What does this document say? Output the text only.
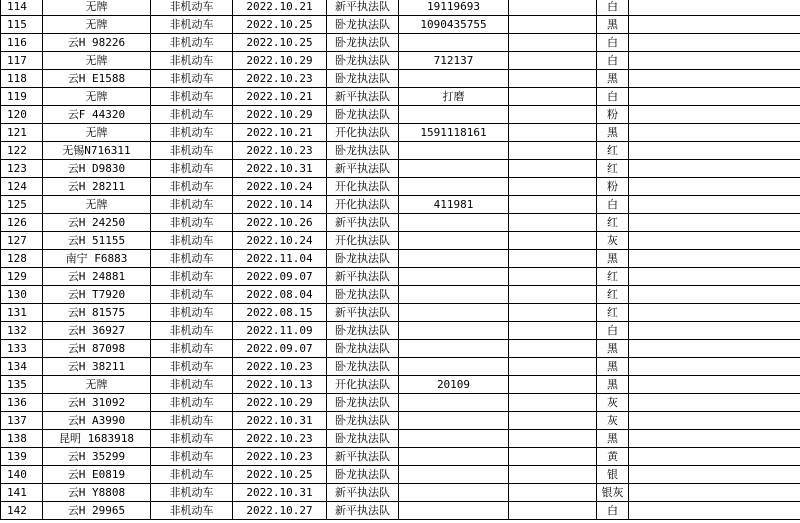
114	无牌	非机动车	2022.10.21	新平执法队	19119693		白	
115	无牌	非机动车	2022.10.25	卧龙执法队	1090435755		黑	
116	云H 98226	非机动车	2022.10.25	卧龙执法队			白	
117	无牌	非机动车	2022.10.29	卧龙执法队	712137		白	
118	云H E1588	非机动车	2022.10.23	卧龙执法队			黑	
119	无牌	非机动车	2022.10.21	新平执法队	打磨		白	
120	云F 44320	非机动车	2022.10.29	卧龙执法队			粉	
121	无牌	非机动车	2022.10.21	开化执法队	1591118161		黑	
122	无锡N716311	非机动车	2022.10.23	卧龙执法队			红	
123	云H D9830	非机动车	2022.10.31	新平执法队			红	
124	云H 28211	非机动车	2022.10.24	开化执法队			粉	
125	无牌	非机动车	2022.10.14	开化执法队	411981		白	
126	云H 24250	非机动车	2022.10.26	新平执法队			红	
127	云H 51155	非机动车	2022.10.24	开化执法队			灰	
128	南宁 F6883	非机动车	2022.11.04	卧龙执法队			黑	
129	云H 24881	非机动车	2022.09.07	新平执法队			红	
130	云H T7920	非机动车	2022.08.04	卧龙执法队			红	
131	云H 81575	非机动车	2022.08.15	新平执法队			红	
132	云H 36927	非机动车	2022.11.09	卧龙执法队			白	
133	云H 87098	非机动车	2022.09.07	卧龙执法队			黑	
134	云H 38211	非机动车	2022.10.23	卧龙执法队			黑	
135	无牌	非机动车	2022.10.13	开化执法队	20109		黑	
136	云H 31092	非机动车	2022.10.29	卧龙执法队			灰	
137	云H A3990	非机动车	2022.10.31	卧龙执法队			灰	
138	昆明 1683918	非机动车	2022.10.23	卧龙执法队			黑	
139	云H 35299	非机动车	2022.10.23	新平执法队			黄	
140	云H E0819	非机动车	2022.10.25	卧龙执法队			银	
141	云H Y8808	非机动车	2022.10.31	新平执法队			银灰	
142	云H 29965	非机动车	2022.10.27	新平执法队			白	
